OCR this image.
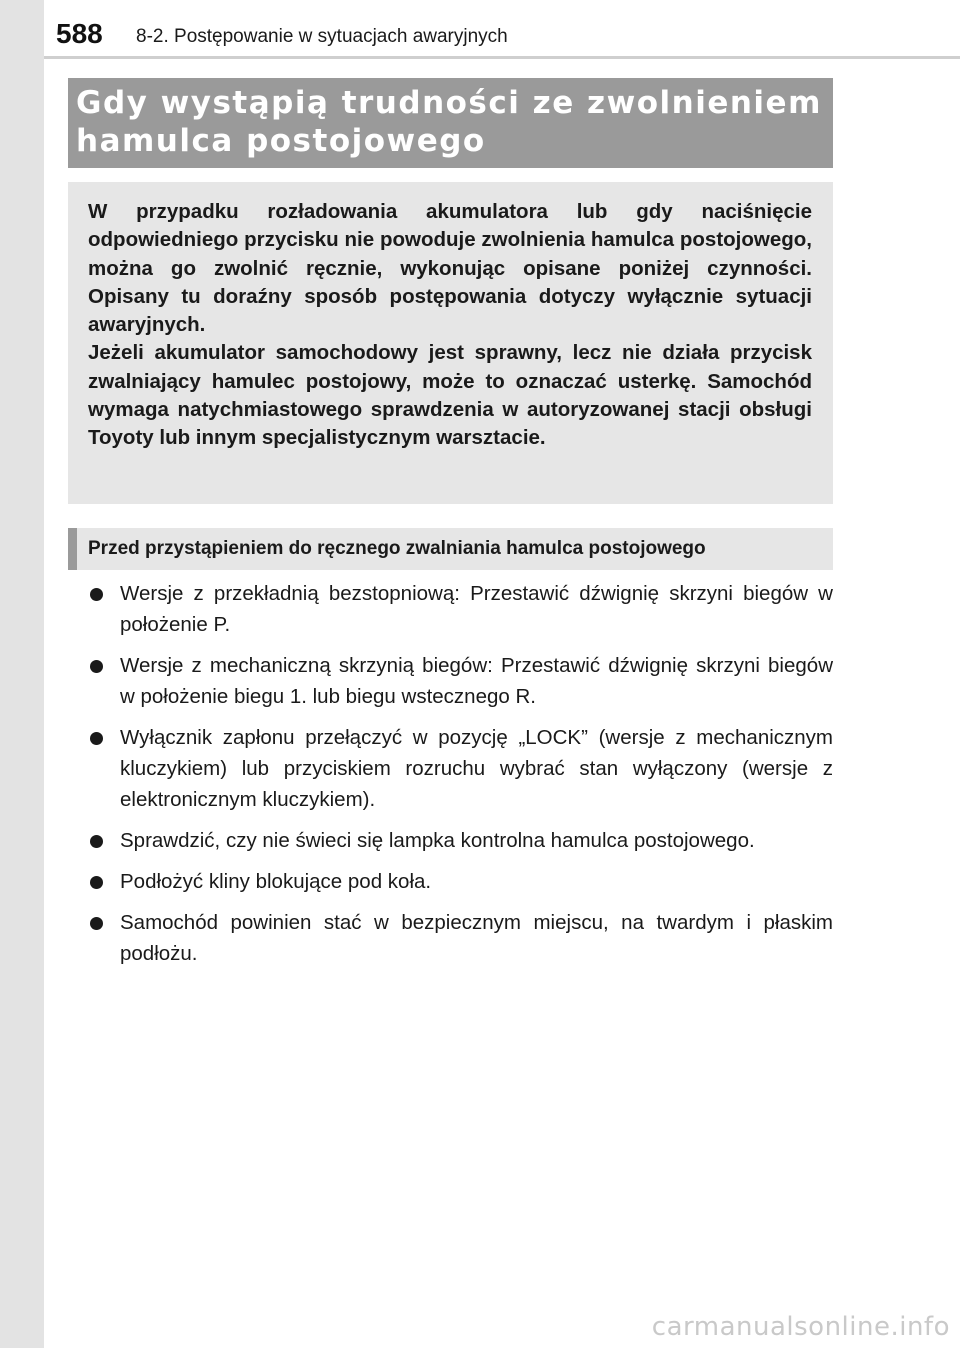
588 8-2. Postępowanie w sytuacjach awaryjnych
Gdy wystąpią trudności ze zwolnieniem hamulca postojowego

W przypadku rozładowania akumulatora lub gdy naciśnięcie odpowiedniego przycisku nie powoduje zwolnienia hamulca postojowego, można go zwolnić ręcznie, wykonując opisane poniżej czynności. Opisany tu doraźny sposób postępowania dotyczy wyłącznie sytuacji awaryjnych.

Jeżeli akumulator samochodowy jest sprawny, lecz nie działa przycisk zwalniający hamulec postojowy, może to oznaczać usterkę. Samochód wymaga natychmiastowego sprawdzenia w autoryzowanej stacji obsługi Toyoty lub innym specjalistycznym warsztacie.

Przed przystąpieniem do ręcznego zwalniania hamulca postojowego
Wersje z przekładnią bezstopniową: Przestawić dźwignię skrzyni biegów w położenie P.
Wersje z mechaniczną skrzynią biegów: Przestawić dźwignię skrzyni biegów w położenie biegu 1. lub biegu wstecznego R.
Wyłącznik zapłonu przełączyć w pozycję „LOCK” (wersje z mechanicznym kluczykiem) lub przyciskiem rozruchu wybrać stan wyłączony (wersje z elektronicznym kluczykiem).
Sprawdzić, czy nie świeci się lampka kontrolna hamulca postojowego.
Podłożyć kliny blokujące pod koła.
Samochód powinien stać w bezpiecznym miejscu, na twardym i płaskim podłożu.
carmanualsonline.info
